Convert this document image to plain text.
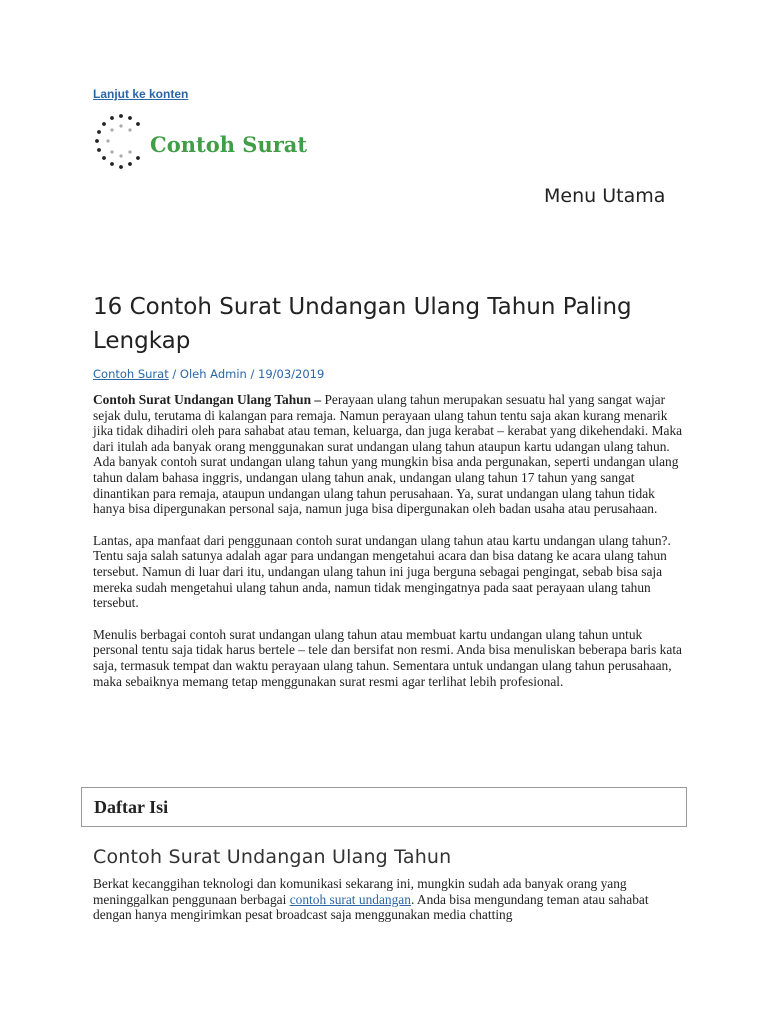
Lanjut ke konten
Contoh Surat
Menu Utama
16 Contoh Surat Undangan Ulang Tahun Paling Lengkap
Contoh Surat / Oleh Admin / 19/03/2019

Contoh Surat Undangan Ulang Tahun – Perayaan ulang tahun merupakan sesuatu hal yang sangat wajar sejak dulu, terutama di kalangan para remaja. Namun perayaan ulang tahun tentu saja akan kurang menarik jika tidak dihadiri oleh para sahabat atau teman, keluarga, dan juga kerabat – kerabat yang dikehendaki. Maka dari itulah ada banyak orang menggunakan surat undangan ulang tahun ataupun kartu udangan ulang tahun.

Ada banyak contoh surat undangan ulang tahun yang mungkin bisa anda pergunakan, seperti undangan ulang tahun dalam bahasa inggris, undangan ulang tahun anak, undangan ulang tahun 17 tahun yang sangat dinantikan para remaja, ataupun undangan ulang tahun perusahaan. Ya, surat undangan ulang tahun tidak hanya bisa dipergunakan personal saja, namun juga bisa dipergunakan oleh badan usaha atau perusahaan.

Lantas, apa manfaat dari penggunaan contoh surat undangan ulang tahun atau kartu undangan ulang tahun?. Tentu saja salah satunya adalah agar para undangan mengetahui acara dan bisa datang ke acara ulang tahun tersebut. Namun di luar dari itu, undangan ulang tahun ini juga berguna sebagai pengingat, sebab bisa saja mereka sudah mengetahui ulang tahun anda, namun tidak mengingatnya pada saat perayaan ulang tahun tersebut.

Menulis berbagai contoh surat undangan ulang tahun atau membuat kartu undangan ulang tahun untuk personal tentu saja tidak harus bertele – tele dan bersifat non resmi. Anda bisa menuliskan beberapa baris kata saja, termasuk tempat dan waktu perayaan ulang tahun. Sementara untuk undangan ulang tahun perusahaan, maka sebaiknya memang tetap menggunakan surat resmi agar terlihat lebih profesional.

Daftar Isi
Contoh Surat Undangan Ulang Tahun
Berkat kecanggihan teknologi dan komunikasi sekarang ini, mungkin sudah ada banyak orang yang meninggalkan penggunaan berbagai contoh surat undangan. Anda bisa mengundang teman atau sahabat dengan hanya mengirimkan pesat broadcast saja menggunakan media chatting
